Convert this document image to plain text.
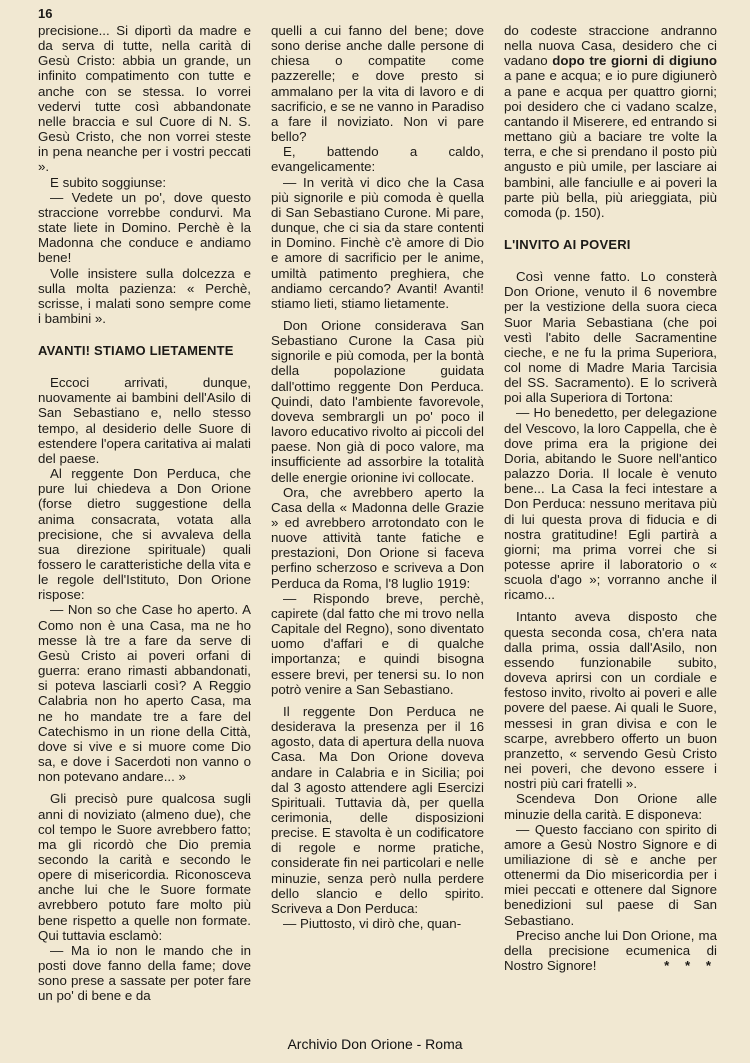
16

precisione... Si diportì da madre e da serva di tutte, nella carità di Gesù Cristo: abbia un grande, un infinito compatimento con tutte e anche con se stessa. Io vorrei vedervi tutte così abbandonate nelle braccia e sul Cuore di N. S. Gesù Cristo, che non vorrei steste in pena neanche per i vostri peccati ».

E subito soggiunse:

— Vedete un po', dove questo straccione vorrebbe condurvi. Ma state liete in Domino. Perchè è la Madonna che conduce e andiamo bene!

Volle insistere sulla dolcezza e sulla molta pazienza: « Perchè, scrisse, i malati sono sempre come i bambini ».

AVANTI! STIAMO LIETAMENTE

Eccoci arrivati, dunque, nuovamente ai bambini dell'Asilo di San Sebastiano e, nello stesso tempo, al desiderio delle Suore di estendere l'opera caritativa ai malati del paese.

Al reggente Don Perduca, che pure lui chiedeva a Don Orione (forse dietro suggestione della anima consacrata, votata alla precisione, che si avvaleva della sua direzione spirituale) quali fossero le caratteristiche della vita e le regole dell'Istituto, Don Orione rispose:

— Non so che Case ho aperto. A Como non è una Casa, ma ne ho messe là tre a fare da serve di Gesù Cristo ai poveri orfani di guerra: erano rimasti abbandonati, si poteva lasciarli così? A Reggio Calabria non ho aperto Casa, ma ne ho mandate tre a fare del Catechismo in un rione della Città, dove si vive e si muore come Dio sa, e dove i Sacerdoti non vanno o non potevano andare... »

Gli precisò pure qualcosa sugli anni di noviziato (almeno due), che col tempo le Suore avrebbero fatto; ma gli ricordò che Dio premia secondo la carità e secondo le opere di misericordia. Riconosceva anche lui che le Suore formate avrebbero potuto fare molto più bene rispetto a quelle non formate. Qui tuttavia esclamò:

— Ma io non le mando che in posti dove fanno della fame; dove sono prese a sassate per poter fare un po' di bene e da

quelli a cui fanno del bene; dove sono derise anche dalle persone di chiesa o compatite come pazzerelle; e dove presto si ammalano per la vita di lavoro e di sacrificio, e se ne vanno in Paradiso a fare il noviziato. Non vi pare bello?

E, battendo a caldo, evangelicamente:

— In verità vi dico che la Casa più signorile e più comoda è quella di San Sebastiano Curone. Mi pare, dunque, che ci sia da stare contenti in Domino. Finchè c'è amore di Dio e amore di sacrificio per le anime, umiltà patimento preghiera, che andiamo cercando? Avanti! Avanti! stiamo lieti, stiamo lietamente.

Don Orione considerava San Sebastiano Curone la Casa più signorile e più comoda, per la bontà della popolazione guidata dall'ottimo reggente Don Perduca. Quindi, dato l'ambiente favorevole, doveva sembrargli un po' poco il lavoro educativo rivolto ai piccoli del paese. Non già di poco valore, ma insufficiente ad assorbire la totalità delle energie orionine ivi collocate.

Ora, che avrebbero aperto la Casa della « Madonna delle Grazie » ed avrebbero arrotondato con le nuove attività tante fatiche e prestazioni, Don Orione si faceva perfino scherzoso e scriveva a Don Perduca da Roma, l'8 luglio 1919:

— Rispondo breve, perchè, capirete (dal fatto che mi trovo nella Capitale del Regno), sono diventato uomo d'affari e di qualche importanza; e quindi bisogna essere brevi, per tenersi su. Io non potrò venire a San Sebastiano.

Il reggente Don Perduca ne desiderava la presenza per il 16 agosto, data di apertura della nuova Casa. Ma Don Orione doveva andare in Calabria e in Sicilia; poi dal 3 agosto attendere agli Esercizi Spirituali. Tuttavia dà, per quella cerimonia, delle disposizioni precise. E stavolta è un codificatore di regole e norme pratiche, considerate fin nei particolari e nelle minuzie, senza però nulla perdere dello slancio e dello spirito. Scriveva a Don Perduca:

— Piuttosto, vi dirò che, quan-

do codeste straccione andranno nella nuova Casa, desidero che ci vadano dopo tre giorni di digiuno a pane e acqua; e io pure digiunerò a pane e acqua per quattro giorni; poi desidero che ci vadano scalze, cantando il Miserere, ed entrando si mettano giù a baciare tre volte la terra, e che si prendano il posto più angusto e più umile, per lasciare ai bambini, alle fanciulle e ai poveri la parte più bella, più arieggiata, più comoda (p. 150).

L'INVITO AI POVERI

Così venne fatto. Lo consterà Don Orione, venuto il 6 novembre per la vestizione della suora cieca Suor Maria Sebastiana (che poi vestì l'abito delle Sacramentine cieche, e ne fu la prima Superiora, col nome di Madre Maria Tarcisia del SS. Sacramento). E lo scriverà poi alla Superiora di Tortona:

— Ho benedetto, per delegazione del Vescovo, la loro Cappella, che è dove prima era la prigione dei Doria, abitando le Suore nell'antico palazzo Doria. Il locale è venuto bene... La Casa la feci intestare a Don Perduca: nessuno meritava più di lui questa prova di fiducia e di nostra gratitudine! Egli partirà a giorni; ma prima vorrei che si potesse aprire il laboratorio o « scuola d'ago »; vorranno anche il ricamo...

Intanto aveva disposto che questa seconda cosa, ch'era nata dalla prima, ossia dall'Asilo, non essendo funzionabile subito, doveva aprirsi con un cordiale e festoso invito, rivolto ai poveri e alle povere del paese. Ai quali le Suore, messesi in gran divisa e con le scarpe, avrebbero offerto un buon pranzetto, « servendo Gesù Cristo nei poveri, che devono essere i nostri più cari fratelli ».

Scendeva Don Orione alle minuzie della carità. E disponeva:

— Questo facciano con spirito di amore a Gesù Nostro Signore e di umiliazione di sè e anche per ottenermi da Dio misericordia per i miei peccati e ottenere dal Signore benedizioni sul paese di San Sebastiano.

Preciso anche lui Don Orione, ma della precisione ecumenica di Nostro Signore!	* * *

Archivio Don Orione - Roma
